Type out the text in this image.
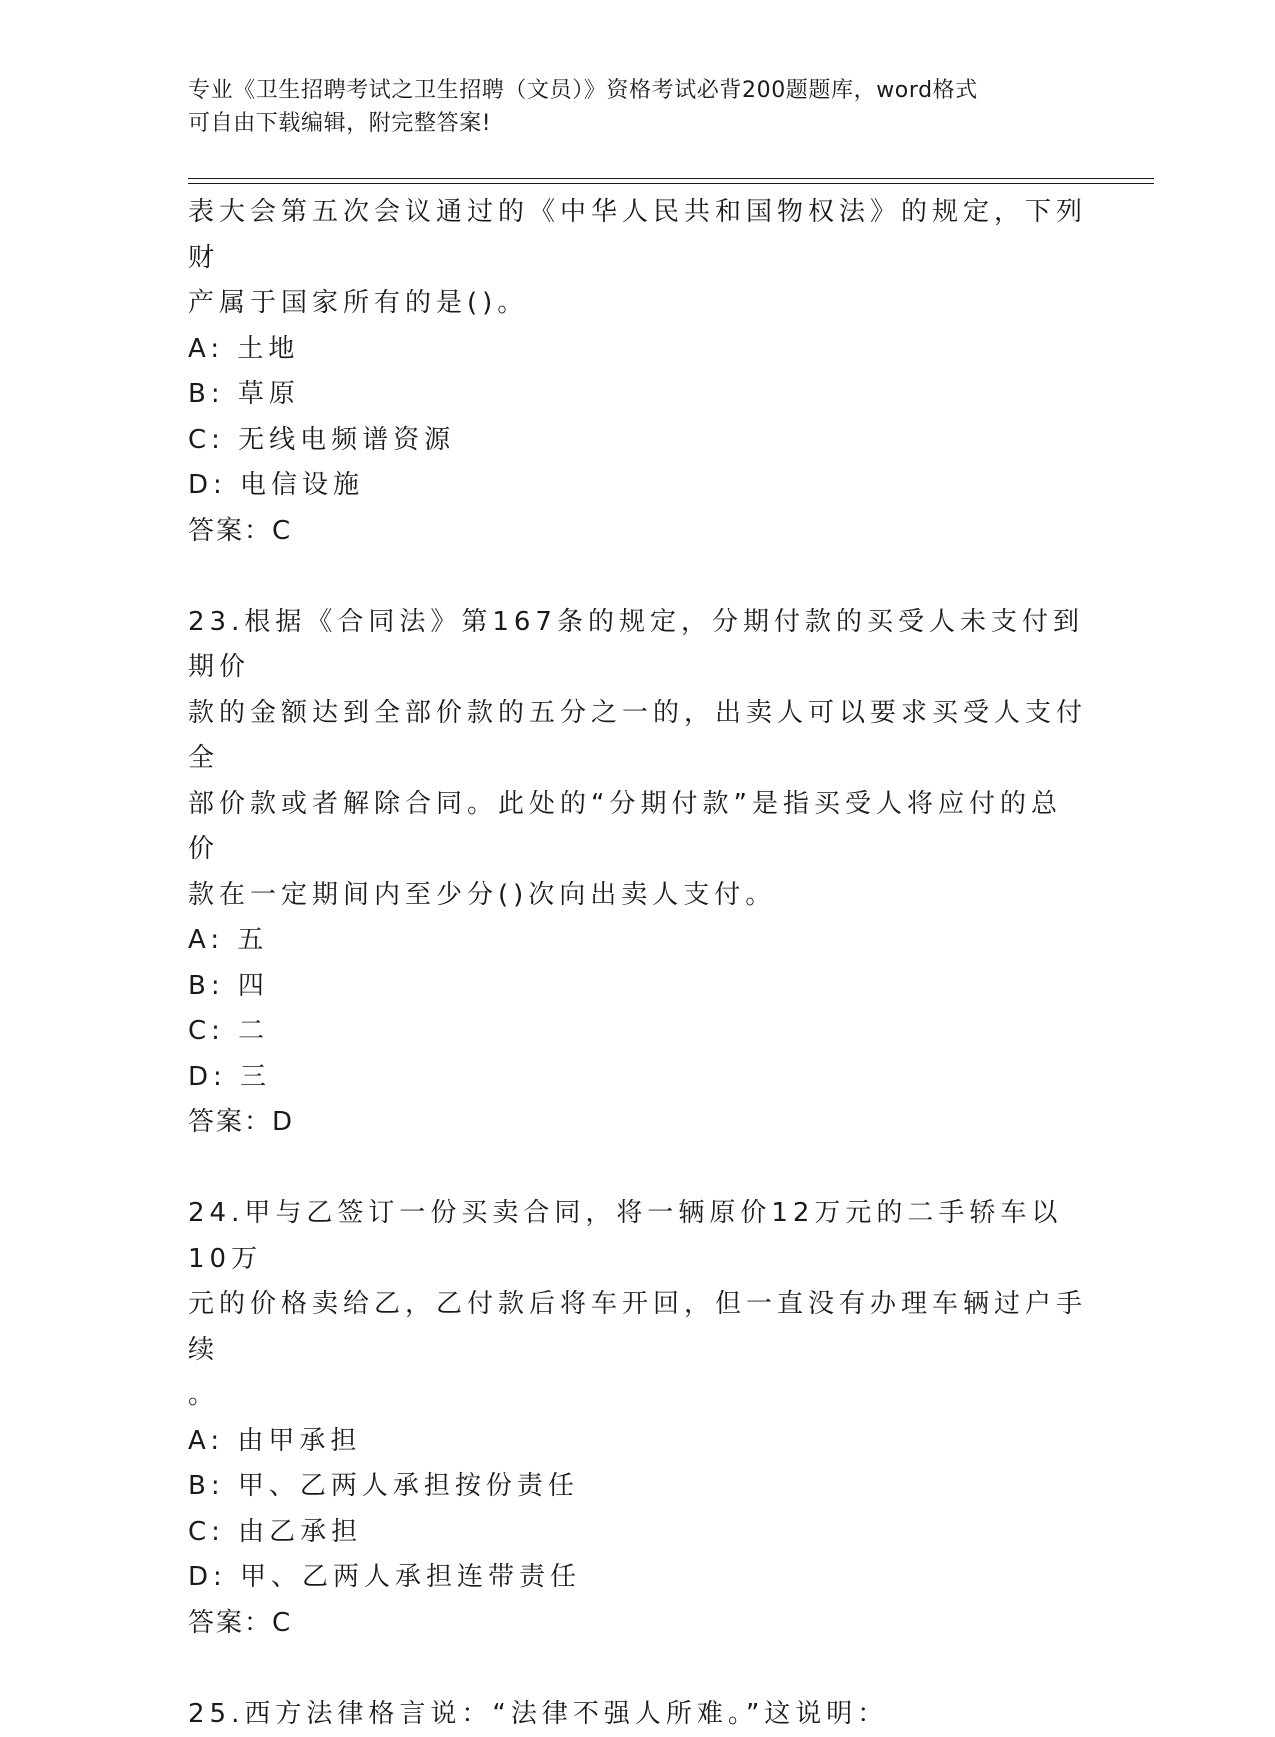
专业《卫生招聘考试之卫生招聘（文员）》资格考试必背200题题库，word格式
可自由下载编辑，附完整答案!

表大会第五次会议通过的《中华人民共和国物权法》的规定，下列财

产属于国家所有的是()。

A: 土地

B: 草原

C: 无线电频谱资源

D: 电信设施

答案：C

23.根据《合同法》第167条的规定，分期付款的买受人未支付到期价

款的金额达到全部价款的五分之一的，出卖人可以要求买受人支付全

部价款或者解除合同。此处的“分期付款”是指买受人将应付的总价

款在一定期间内至少分()次向出卖人支付。

A: 五

B: 四

C: 二

D: 三

答案：D

24.甲与乙签订一份买卖合同，将一辆原价12万元的二手轿车以10万

元的价格卖给乙，乙付款后将车开回，但一直没有办理车辆过户手续

。

A: 由甲承担

B: 甲、乙两人承担按份责任

C: 由乙承担

D: 甲、乙两人承担连带责任

答案：C

25.西方法律格言说：“法律不强人所难。”这说明：
